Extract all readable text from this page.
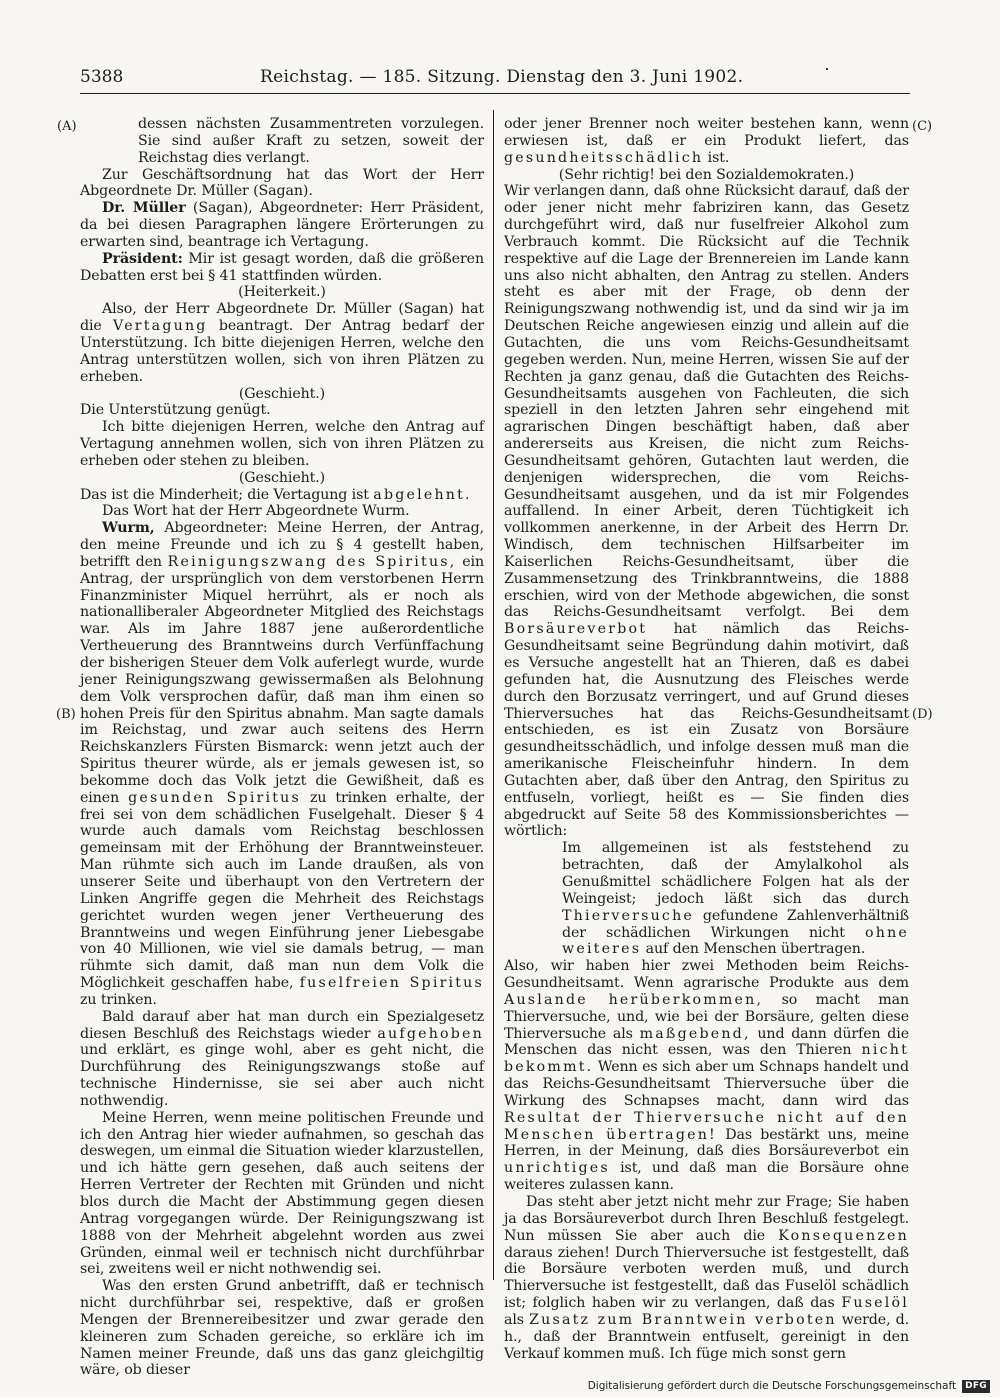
5388	Reichstag. — 185. Sitzung. Dienstag den 3. Juni 1902.
(A)
(B)
(C)
(D)

dessen nächsten Zusammentreten vorzulegen. Sie sind außer Kraft zu setzen, soweit der Reichstag dies verlangt.

Zur Geschäftsordnung hat das Wort der Herr Abgeordnete Dr. Müller (Sagan).

Dr. Müller (Sagan), Abgeordneter: Herr Präsident, da bei diesen Paragraphen längere Erörterungen zu erwarten sind, beantrage ich Vertagung.

Präsident: Mir ist gesagt worden, daß die größeren Debatten erst bei § 41 stattfinden würden.

(Heiterkeit.)

Also, der Herr Abgeordnete Dr. Müller (Sagan) hat die Vertagung beantragt. Der Antrag bedarf der Unterstützung. Ich bitte diejenigen Herren, welche den Antrag unterstützen wollen, sich von ihren Plätzen zu erheben.

(Geschieht.)

Die Unterstützung genügt.

Ich bitte diejenigen Herren, welche den Antrag auf Vertagung annehmen wollen, sich von ihren Plätzen zu erheben oder stehen zu bleiben.

(Geschieht.)

Das ist die Minderheit; die Vertagung ist abgelehnt.

Das Wort hat der Herr Abgeordnete Wurm.

Wurm, Abgeordneter: Meine Herren, der Antrag, den meine Freunde und ich zu § 4 gestellt haben, betrifft den Reinigungszwang des Spiritus, ein Antrag, der ursprünglich von dem verstorbenen Herrn Finanzminister Miquel herrührt, als er noch als nationalliberaler Abgeordneter Mitglied des Reichstags war. Als im Jahre 1887 jene außerordentliche Vertheuerung des Branntweins durch Verfünffachung der bisherigen Steuer dem Volk auferlegt wurde, wurde jener Reinigungszwang gewissermaßen als Belohnung dem Volk versprochen dafür, daß man ihm einen so hohen Preis für den Spiritus abnahm. Man sagte damals im Reichstag, und zwar auch seitens des Herrn Reichskanzlers Fürsten Bismarck: wenn jetzt auch der Spiritus theurer würde, als er jemals gewesen ist, so bekomme doch das Volk jetzt die Gewißheit, daß es einen gesunden Spiritus zu trinken erhalte, der frei sei von dem schädlichen Fuselgehalt. Dieser § 4 wurde auch damals vom Reichstag beschlossen gemeinsam mit der Erhöhung der Branntweinsteuer. Man rühmte sich auch im Lande draußen, als von unserer Seite und überhaupt von den Vertretern der Linken Angriffe gegen die Mehrheit des Reichstags gerichtet wurden wegen jener Vertheuerung des Branntweins und wegen Einführung jener Liebesgabe von 40 Millionen, wie viel sie damals betrug, — man rühmte sich damit, daß man nun dem Volk die Möglichkeit geschaffen habe, fuselfreien Spiritus zu trinken.

Bald darauf aber hat man durch ein Spezialgesetz diesen Beschluß des Reichstags wieder aufgehoben und erklärt, es ginge wohl, aber es geht nicht, die Durchführung des Reinigungszwangs stoße auf technische Hindernisse, sie sei aber auch nicht nothwendig.

Meine Herren, wenn meine politischen Freunde und ich den Antrag hier wieder aufnahmen, so geschah das deswegen, um einmal die Situation wieder klarzustellen, und ich hätte gern gesehen, daß auch seitens der Herren Vertreter der Rechten mit Gründen und nicht blos durch die Macht der Abstimmung gegen diesen Antrag vorgegangen würde. Der Reinigungszwang ist 1888 von der Mehrheit abgelehnt worden aus zwei Gründen, einmal weil er technisch nicht durchführbar sei, zweitens weil er nicht nothwendig sei.

Was den ersten Grund anbetrifft, daß er technisch nicht durchführbar sei, respektive, daß er großen Mengen der Brennereibesitzer und zwar gerade den kleineren zum Schaden gereiche, so erkläre ich im Namen meiner Freunde, daß uns das ganz gleichgiltig wäre, ob dieser

oder jener Brenner noch weiter bestehen kann, wenn erwiesen ist, daß er ein Produkt liefert, das gesundheitsschädlich ist.

(Sehr richtig! bei den Sozialdemokraten.)

Wir verlangen dann, daß ohne Rücksicht darauf, daß der oder jener nicht mehr fabriziren kann, das Gesetz durchgeführt wird, daß nur fuselfreier Alkohol zum Verbrauch kommt. Die Rücksicht auf die Technik respektive auf die Lage der Brennereien im Lande kann uns also nicht abhalten, den Antrag zu stellen. Anders steht es aber mit der Frage, ob denn der Reinigungszwang nothwendig ist, und da sind wir ja im Deutschen Reiche angewiesen einzig und allein auf die Gutachten, die uns vom Reichs-Gesundheitsamt gegeben werden. Nun, meine Herren, wissen Sie auf der Rechten ja ganz genau, daß die Gutachten des Reichs-Gesundheitsamts ausgehen von Fachleuten, die sich speziell in den letzten Jahren sehr eingehend mit agrarischen Dingen beschäftigt haben, daß aber andererseits aus Kreisen, die nicht zum Reichs-Gesundheitsamt gehören, Gutachten laut werden, die denjenigen widersprechen, die vom Reichs-Gesundheitsamt ausgehen, und da ist mir Folgendes auffallend. In einer Arbeit, deren Tüchtigkeit ich vollkommen anerkenne, in der Arbeit des Herrn Dr. Windisch, dem technischen Hilfsarbeiter im Kaiserlichen Reichs-Gesundheitsamt, über die Zusammensetzung des Trinkbranntweins, die 1888 erschien, wird von der Methode abgewichen, die sonst das Reichs-Gesundheitsamt verfolgt. Bei dem Borsäureverbot hat nämlich das Reichs-Gesundheitsamt seine Begründung dahin motivirt, daß es Versuche angestellt hat an Thieren, daß es dabei gefunden hat, die Ausnutzung des Fleisches werde durch den Borzusatz verringert, und auf Grund dieses Thierversuches hat das Reichs-Gesundheitsamt entschieden, es ist ein Zusatz von Borsäure gesundheitsschädlich, und infolge dessen muß man die amerikanische Fleischeinfuhr hindern. In dem Gutachten aber, daß über den Antrag, den Spiritus zu entfuseln, vorliegt, heißt es — Sie finden dies abgedruckt auf Seite 58 des Kommissionsberichtes — wörtlich:

Im allgemeinen ist als feststehend zu betrachten, daß der Amylalkohol als Genußmittel schädlichere Folgen hat als der Weingeist; jedoch läßt sich das durch Thierversuche gefundene Zahlenverhältniß der schädlichen Wirkungen nicht ohne weiteres auf den Menschen übertragen.

Also, wir haben hier zwei Methoden beim Reichs-Gesundheitsamt. Wenn agrarische Produkte aus dem Auslande herüberkommen, so macht man Thierversuche, und, wie bei der Borsäure, gelten diese Thierversuche als maßgebend, und dann dürfen die Menschen das nicht essen, was den Thieren nicht bekommt. Wenn es sich aber um Schnaps handelt und das Reichs-Gesundheitsamt Thierversuche über die Wirkung des Schnapses macht, dann wird das Resultat der Thierversuche nicht auf den Menschen übertragen! Das bestärkt uns, meine Herren, in der Meinung, daß dies Borsäureverbot ein unrichtiges ist, und daß man die Borsäure ohne weiteres zulassen kann.

Das steht aber jetzt nicht mehr zur Frage; Sie haben ja das Borsäureverbot durch Ihren Beschluß festgelegt. Nun müssen Sie aber auch die Konsequenzen daraus ziehen! Durch Thierversuche ist festgestellt, daß die Borsäure verboten werden muß, und durch Thierversuche ist festgestellt, daß das Fuselöl schädlich ist; folglich haben wir zu verlangen, daß das Fuselöl als Zusatz zum Branntwein verboten werde, d. h., daß der Branntwein entfuselt, gereinigt in den Verkauf kommen muß. Ich füge mich sonst gern

Digitalisierung gefördert durch die Deutsche Forschungsgemeinschaft	DFG
